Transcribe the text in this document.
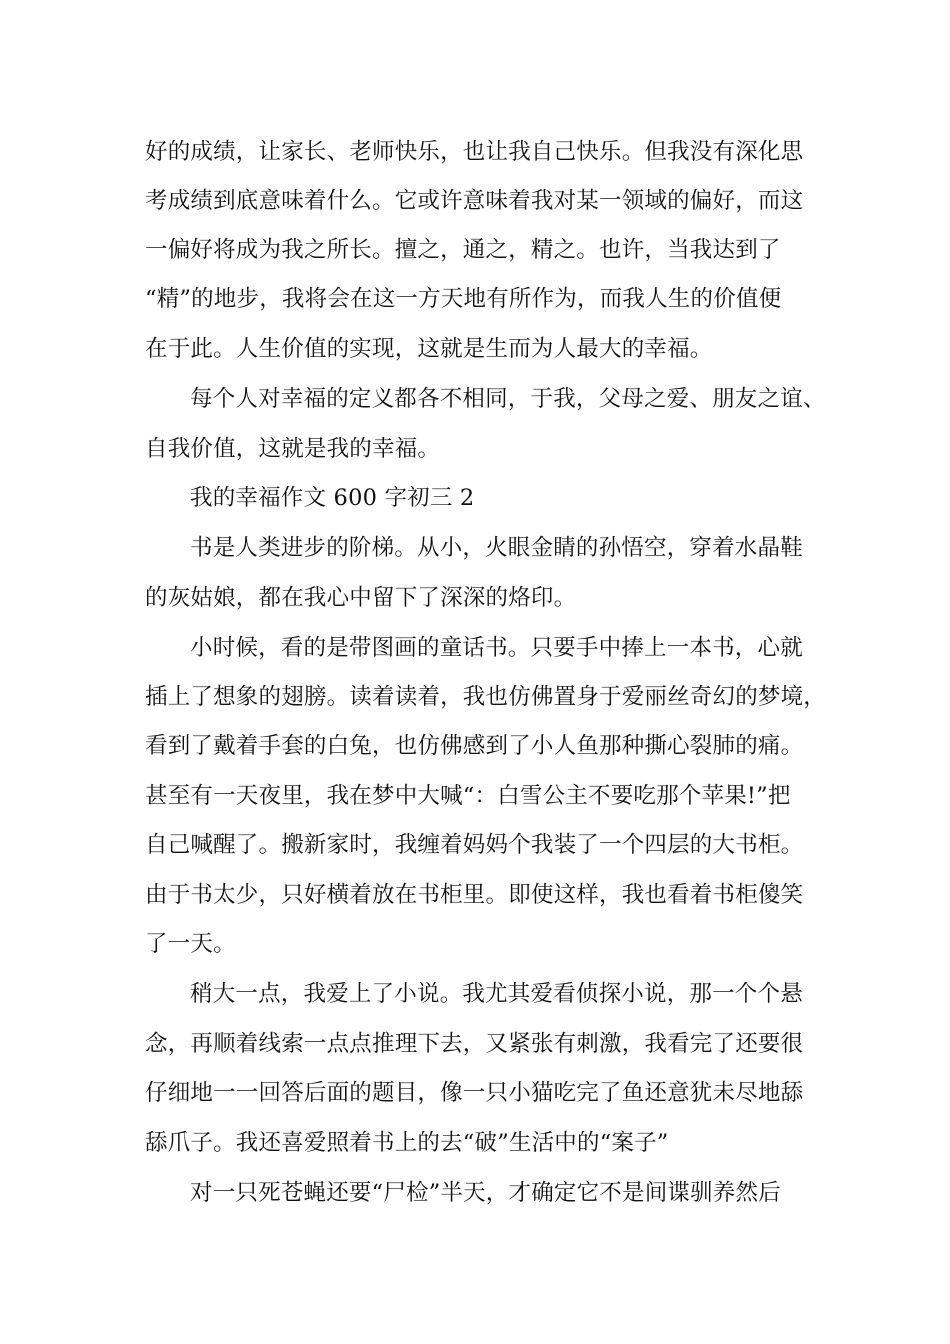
好的成绩，让家长、老师快乐，也让我自己快乐。但我没有深化思
考成绩到底意味着什么。它或许意味着我对某一领域的偏好，而这
一偏好将成为我之所长。擅之，通之，精之。也许，当我达到了
“精”的地步，我将会在这一方天地有所作为，而我人生的价值便
在于此。人生价值的实现，这就是生而为人最大的幸福。
每个人对幸福的定义都各不相同，于我，父母之爱、朋友之谊、
自我价值，这就是我的幸福。
我的幸福作文 600 字初三 2
书是人类进步的阶梯。从小，火眼金睛的孙悟空，穿着水晶鞋
的灰姑娘，都在我心中留下了深深的烙印。
小时候，看的是带图画的童话书。只要手中捧上一本书，心就
插上了想象的翅膀。读着读着，我也仿佛置身于爱丽丝奇幻的梦境，
看到了戴着手套的白兔，也仿佛感到了小人鱼那种撕心裂肺的痛。
甚至有一天夜里，我在梦中大喊“：白雪公主不要吃那个苹果!”把
自己喊醒了。搬新家时，我缠着妈妈个我装了一个四层的大书柜。
由于书太少，只好横着放在书柜里。即使这样，我也看着书柜傻笑
了一天。
稍大一点，我爱上了小说。我尤其爱看侦探小说，那一个个悬
念，再顺着线索一点点推理下去，又紧张有刺激，我看完了还要很
仔细地一一回答后面的题目，像一只小猫吃完了鱼还意犹未尽地舔
舔爪子。我还喜爱照着书上的去“破”生活中的“案子”
对一只死苍蝇还要“尸检”半天，才确定它不是间谍驯养然后
